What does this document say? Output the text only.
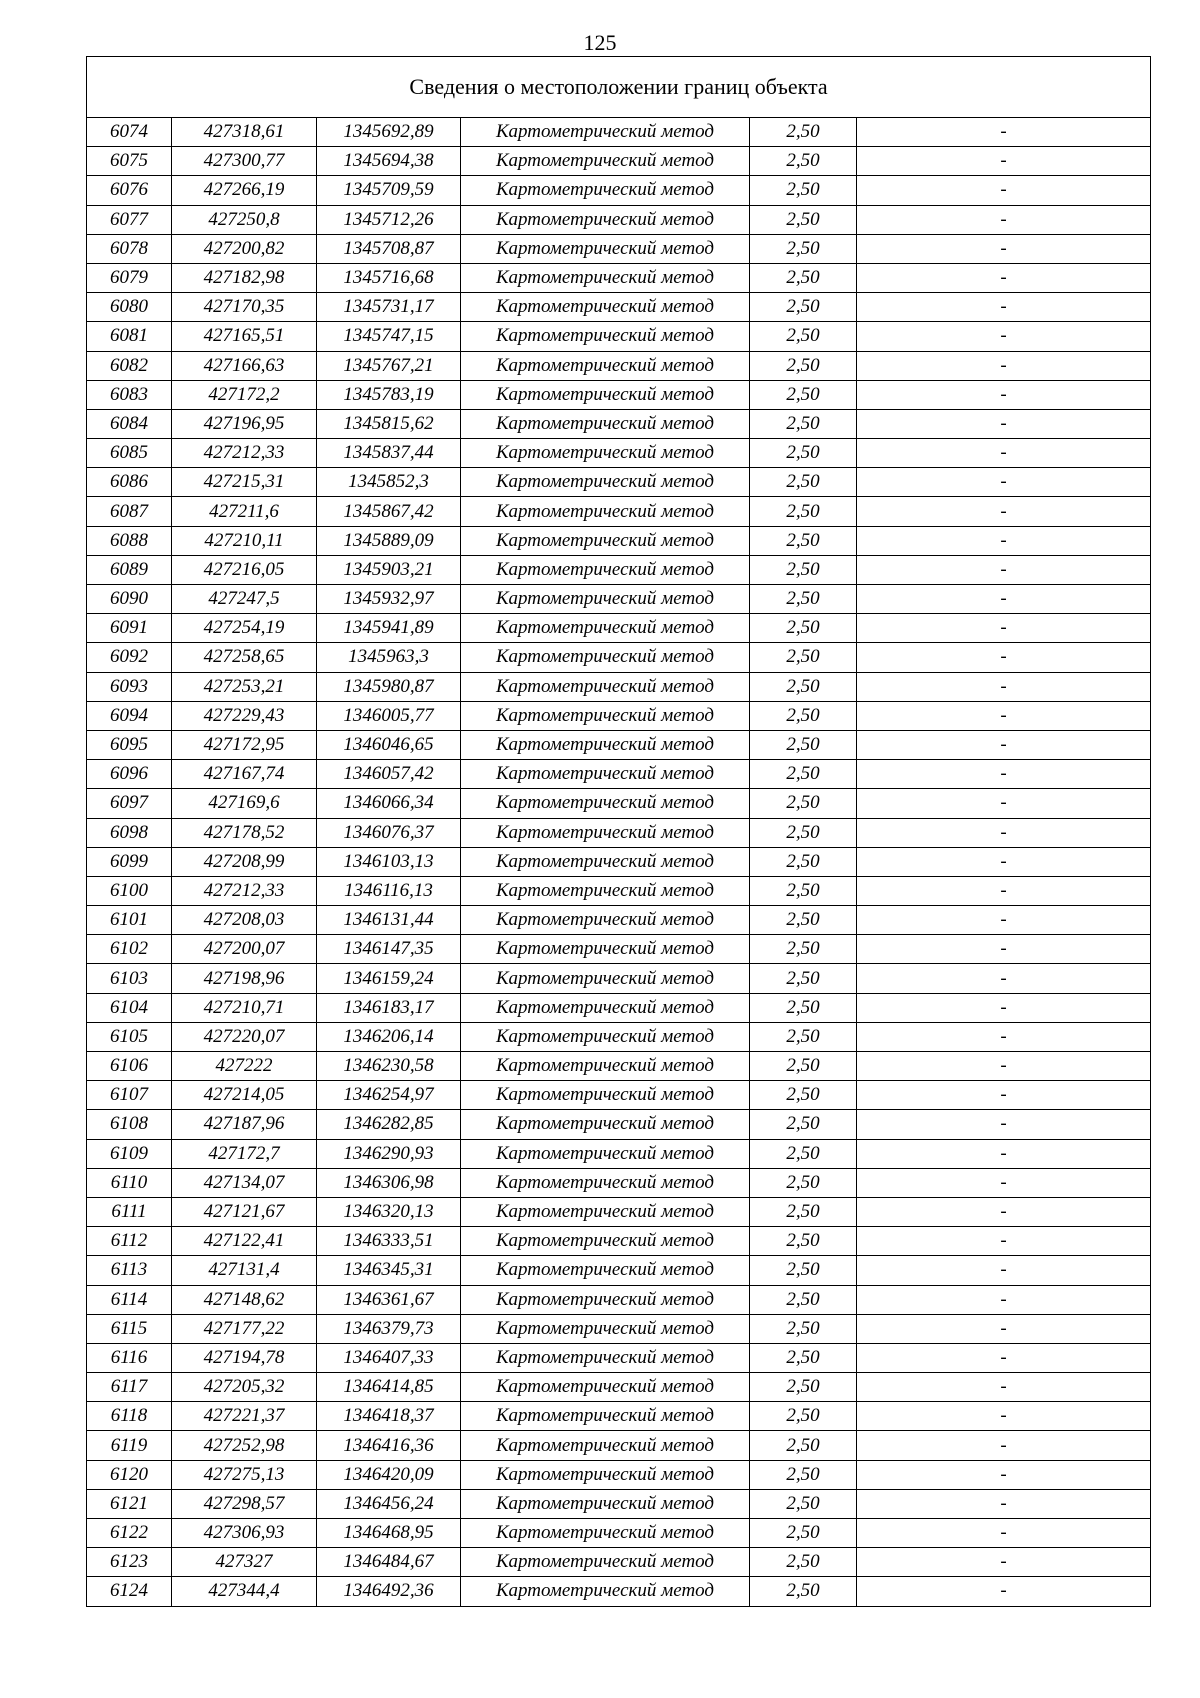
125
Сведения о местоположении границ объекта					
6074	427318,61	1345692,89	Картометрический метод	2,50	-
6075	427300,77	1345694,38	Картометрический метод	2,50	-
6076	427266,19	1345709,59	Картометрический метод	2,50	-
6077	427250,8	1345712,26	Картометрический метод	2,50	-
6078	427200,82	1345708,87	Картометрический метод	2,50	-
6079	427182,98	1345716,68	Картометрический метод	2,50	-
6080	427170,35	1345731,17	Картометрический метод	2,50	-
6081	427165,51	1345747,15	Картометрический метод	2,50	-
6082	427166,63	1345767,21	Картометрический метод	2,50	-
6083	427172,2	1345783,19	Картометрический метод	2,50	-
6084	427196,95	1345815,62	Картометрический метод	2,50	-
6085	427212,33	1345837,44	Картометрический метод	2,50	-
6086	427215,31	1345852,3	Картометрический метод	2,50	-
6087	427211,6	1345867,42	Картометрический метод	2,50	-
6088	427210,11	1345889,09	Картометрический метод	2,50	-
6089	427216,05	1345903,21	Картометрический метод	2,50	-
6090	427247,5	1345932,97	Картометрический метод	2,50	-
6091	427254,19	1345941,89	Картометрический метод	2,50	-
6092	427258,65	1345963,3	Картометрический метод	2,50	-
6093	427253,21	1345980,87	Картометрический метод	2,50	-
6094	427229,43	1346005,77	Картометрический метод	2,50	-
6095	427172,95	1346046,65	Картометрический метод	2,50	-
6096	427167,74	1346057,42	Картометрический метод	2,50	-
6097	427169,6	1346066,34	Картометрический метод	2,50	-
6098	427178,52	1346076,37	Картометрический метод	2,50	-
6099	427208,99	1346103,13	Картометрический метод	2,50	-
6100	427212,33	1346116,13	Картометрический метод	2,50	-
6101	427208,03	1346131,44	Картометрический метод	2,50	-
6102	427200,07	1346147,35	Картометрический метод	2,50	-
6103	427198,96	1346159,24	Картометрический метод	2,50	-
6104	427210,71	1346183,17	Картометрический метод	2,50	-
6105	427220,07	1346206,14	Картометрический метод	2,50	-
6106	427222	1346230,58	Картометрический метод	2,50	-
6107	427214,05	1346254,97	Картометрический метод	2,50	-
6108	427187,96	1346282,85	Картометрический метод	2,50	-
6109	427172,7	1346290,93	Картометрический метод	2,50	-
6110	427134,07	1346306,98	Картометрический метод	2,50	-
6111	427121,67	1346320,13	Картометрический метод	2,50	-
6112	427122,41	1346333,51	Картометрический метод	2,50	-
6113	427131,4	1346345,31	Картометрический метод	2,50	-
6114	427148,62	1346361,67	Картометрический метод	2,50	-
6115	427177,22	1346379,73	Картометрический метод	2,50	-
6116	427194,78	1346407,33	Картометрический метод	2,50	-
6117	427205,32	1346414,85	Картометрический метод	2,50	-
6118	427221,37	1346418,37	Картометрический метод	2,50	-
6119	427252,98	1346416,36	Картометрический метод	2,50	-
6120	427275,13	1346420,09	Картометрический метод	2,50	-
6121	427298,57	1346456,24	Картометрический метод	2,50	-
6122	427306,93	1346468,95	Картометрический метод	2,50	-
6123	427327	1346484,67	Картометрический метод	2,50	-
6124	427344,4	1346492,36	Картометрический метод	2,50	-
